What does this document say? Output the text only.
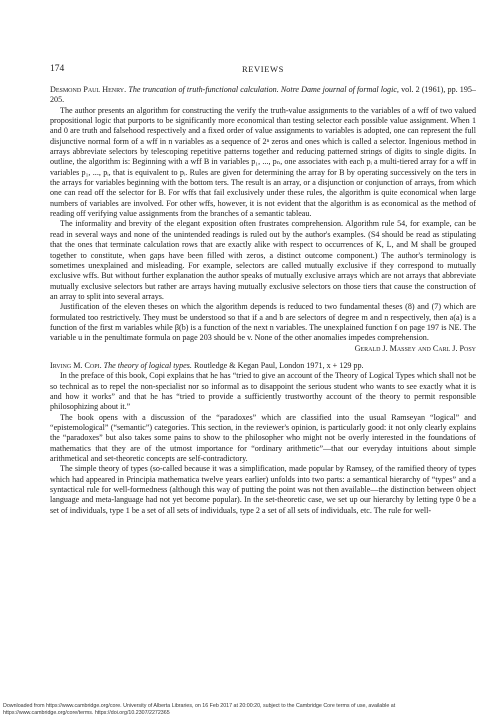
174	REVIEWS

Desmond Paul Henry. The truncation of truth-functional calculation. Notre Dame journal of formal logic, vol. 2 (1961), pp. 195–205.

The author presents an algorithm for constructing the verify the truth-value assignments to the variables of a wff of two valued propositional logic that purports to be significantly more economical than testing selector each possible value assignment. When 1 and 0 are truth and falsehood respectively and a fixed order of value assignments to variables is adopted, one can represent the full disjunctive normal form of a wff in n variables as a sequence of 2ⁿ zeros and ones which is called a selector. Ingenious method in arrays abbreviate selectors by telescoping repetitive patterns together and reducing patterned strings of digits to single digits. In outline, the algorithm is: Beginning with a wff B in variables p₁, ..., pₙ, one associates with each pᵢ a multi-tiered array for a wff in variables p₁, ..., pᵢ, that is equivalent to pᵢ. Rules are given for determining the array for B by operating successively on the ters in the arrays for variables beginning with the bottom ters. The result is an array, or a disjunction or conjunction of arrays, from which one can read off the selector for B. For wffs that fail exclusively under these rules, the algorithm is quite economical when large numbers of variables are involved. For other wffs, however, it is not evident that the algorithm is as economical as the method of reading off verifying value assignments from the branches of a semantic tableau.

The informality and brevity of the elegant exposition often frustrates comprehension. Algorithm rule 54, for example, can be read in several ways and none of the unintended readings is ruled out by the author's examples. (S4 should be read as stipulating that the ones that terminate calculation rows that are exactly alike with respect to occurrences of K, L, and M shall be grouped together to constitute, when gaps have been filled with zeros, a distinct outcome component.) The author's terminology is sometimes unexplained and misleading. For example, selectors are called mutually exclusive if they correspond to mutually exclusive wffs. But without further explanation the author speaks of mutually exclusive arrays which are not arrays that abbreviate mutually exclusive selectors but rather are arrays having mutually exclusive selectors on those tiers that cause the construction of an array to split into several arrays.

Justification of the eleven theses on which the algorithm depends is reduced to two fundamental theses (8) and (7) which are formulated too restrictively. They must be understood so that if a and b are selectors of degree m and n respectively, then a(a) is a function of the first m variables while β(b) is a function of the next n variables. The unexplained function f on page 197 is NE. The variable u in the penultimate formula on page 203 should be v. None of the other anomalies impedes comprehension.

Gerald J. Massey and Carl J. Posy

Irving M. Copi. The theory of logical types. Routledge & Kegan Paul, London 1971, x + 129 pp.

In the preface of this book, Copi explains that he has “tried to give an account of the Theory of Logical Types which shall not be so technical as to repel the non-specialist nor so informal as to disappoint the serious student who wants to see exactly what it is and how it works” and that he has “tried to provide a sufficiently trustworthy account of the theory to permit responsible philosophizing about it.”

The book opens with a discussion of the “paradoxes” which are classified into the usual Ramseyan “logical” and “epistemological” (“semantic”) categories. This section, in the reviewer's opinion, is particularly good: it not only clearly explains the “paradoxes” but also takes some pains to show to the philosopher who might not be overly interested in the foundations of mathematics that they are of the utmost importance for “ordinary arithmetic”—that our everyday intuitions about simple arithmetical and set-theoretic concepts are self-contradictory.

The simple theory of types (so-called because it was a simplification, made popular by Ramsey, of the ramified theory of types which had appeared in Principia mathematica twelve years earlier) unfolds into two parts: a semantical hierarchy of “types” and a syntactical rule for well-formedness (although this way of putting the point was not then available—the distinction between object language and meta-language had not yet become popular). In the set-theoretic case, we set up our hierarchy by letting type 0 be a set of individuals, type 1 be a set of all sets of individuals, type 2 a set of all sets of individuals, etc. The rule for well-

Downloaded from https://www.cambridge.org/core. University of Alberta Libraries, on 16 Feb 2017 at 20:00:20, subject to the Cambridge Core terms of use, available at
https://www.cambridge.org/core/terms. https://doi.org/10.2307/2272365
